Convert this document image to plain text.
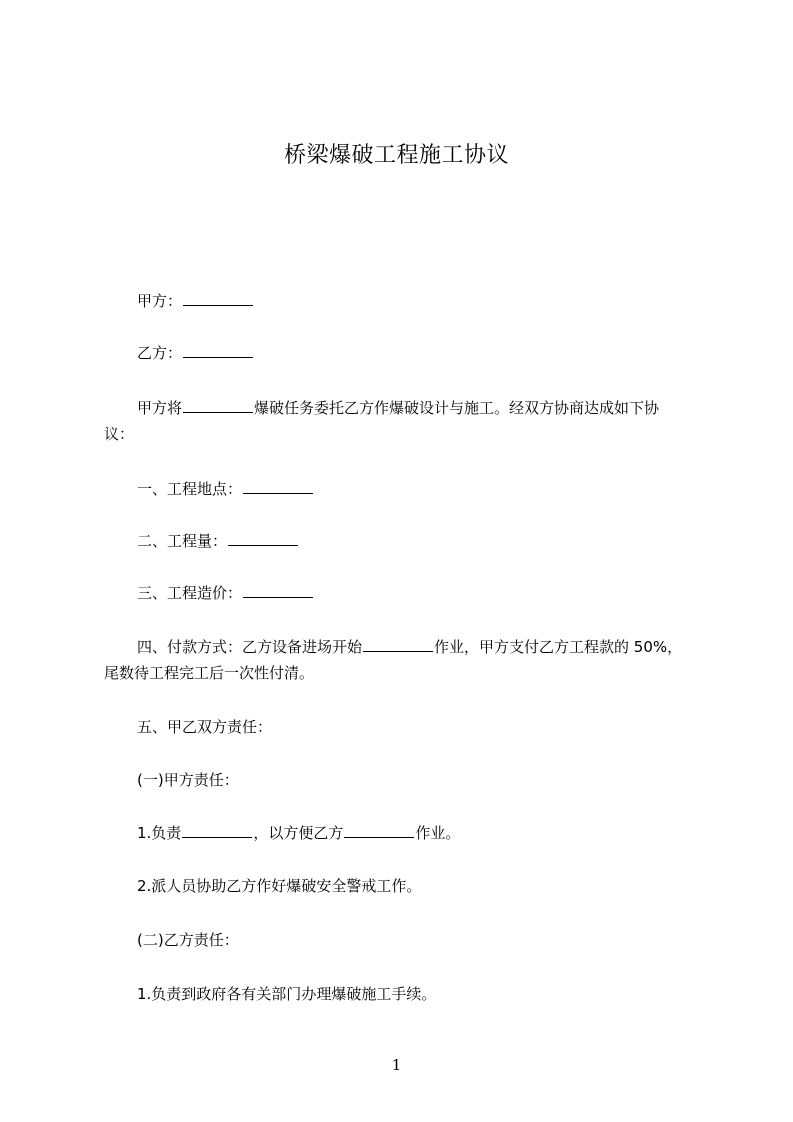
桥梁爆破工程施工协议
甲方：
乙方：
甲方将	爆破任务委托乙方作爆破设计与施工。经双方协商达成如下协
议：
一、工程地点：
二、工程量：
三、工程造价：
四、付款方式：乙方设备进场开始	作业，甲方支付乙方工程款的 50%，
尾数待工程完工后一次性付清。
五、甲乙双方责任：
(一)甲方责任：
1.负责	，以方便乙方	作业。
2.派人员协助乙方作好爆破安全警戒工作。
(二)乙方责任：
1.负责到政府各有关部门办理爆破施工手续。
1
